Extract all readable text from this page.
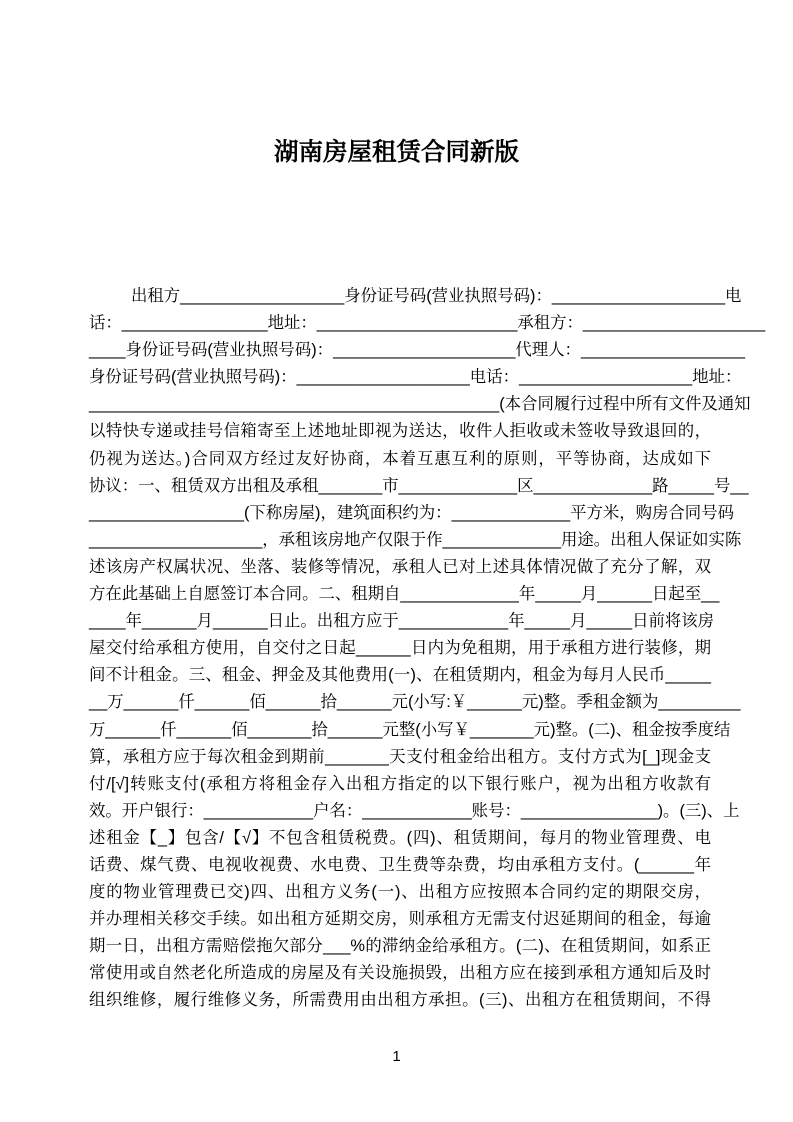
湖南房屋租赁合同新版
出租方__________________身份证号码(营业执照号码)：___________________电
话：________________地址：______________________承租方：____________________
____身份证号码(营业执照号码)：____________________代理人：__________________
身份证号码(营业执照号码)：___________________电话：___________________地址：
_____________________________________________(本合同履行过程中所有文件及通知
以特快专递或挂号信箱寄至上述地址即视为送达，收件人拒收或未签收导致退回的，
仍视为送达。)合同双方经过友好协商，本着互惠互利的原则，平等协商，达成如下
协议：一、租赁双方出租及承租_______市_____________区_____________路_____号__
_________________(下称房屋)，建筑面积约为：_____________平方米，购房合同号码
___________________，承租该房地产仅限于作_____________用途。出租人保证如实陈
述该房产权属状况、坐落、装修等情况，承租人已对上述具体情况做了充分了解，双
方在此基础上自愿签订本合同。二、租期自_____________年_____月______日起至__
____年______月______日止。出租方应于____________年_____月_____日前将该房
屋交付给承租方使用，自交付之日起______日内为免租期，用于承租方进行装修，期
间不计租金。三、租金、押金及其他费用(一)、在租赁期内，租金为每月人民币_____
__万______仟______佰______拾______元(小写:￥______元)整。季租金额为_________
万______仟______佰_______拾______元整(小写￥_______元)整。(二)、租金按季度结
算，承租方应于每次租金到期前_______天支付租金给出租方。支付方式为[_]现金支
付/[√]转账支付(承租方将租金存入出租方指定的以下银行账户，视为出租方收款有
效。开户银行：____________户名：____________账号：_______________)。(三)、上
述租金【_】包含/【√】不包含租赁税费。(四)、租赁期间，每月的物业管理费、电
话费、煤气费、电视收视费、水电费、卫生费等杂费，均由承租方支付。(______年
度的物业管理费已交)四、出租方义务(一)、出租方应按照本合同约定的期限交房，
并办理相关移交手续。如出租方延期交房，则承租方无需支付迟延期间的租金，每逾
期一日，出租方需赔偿拖欠部分___%的滞纳金给承租方。(二)、在租赁期间，如系正
常使用或自然老化所造成的房屋及有关设施损毁，出租方应在接到承租方通知后及时
组织维修，履行维修义务，所需费用由出租方承担。(三)、出租方在租赁期间，不得
1
